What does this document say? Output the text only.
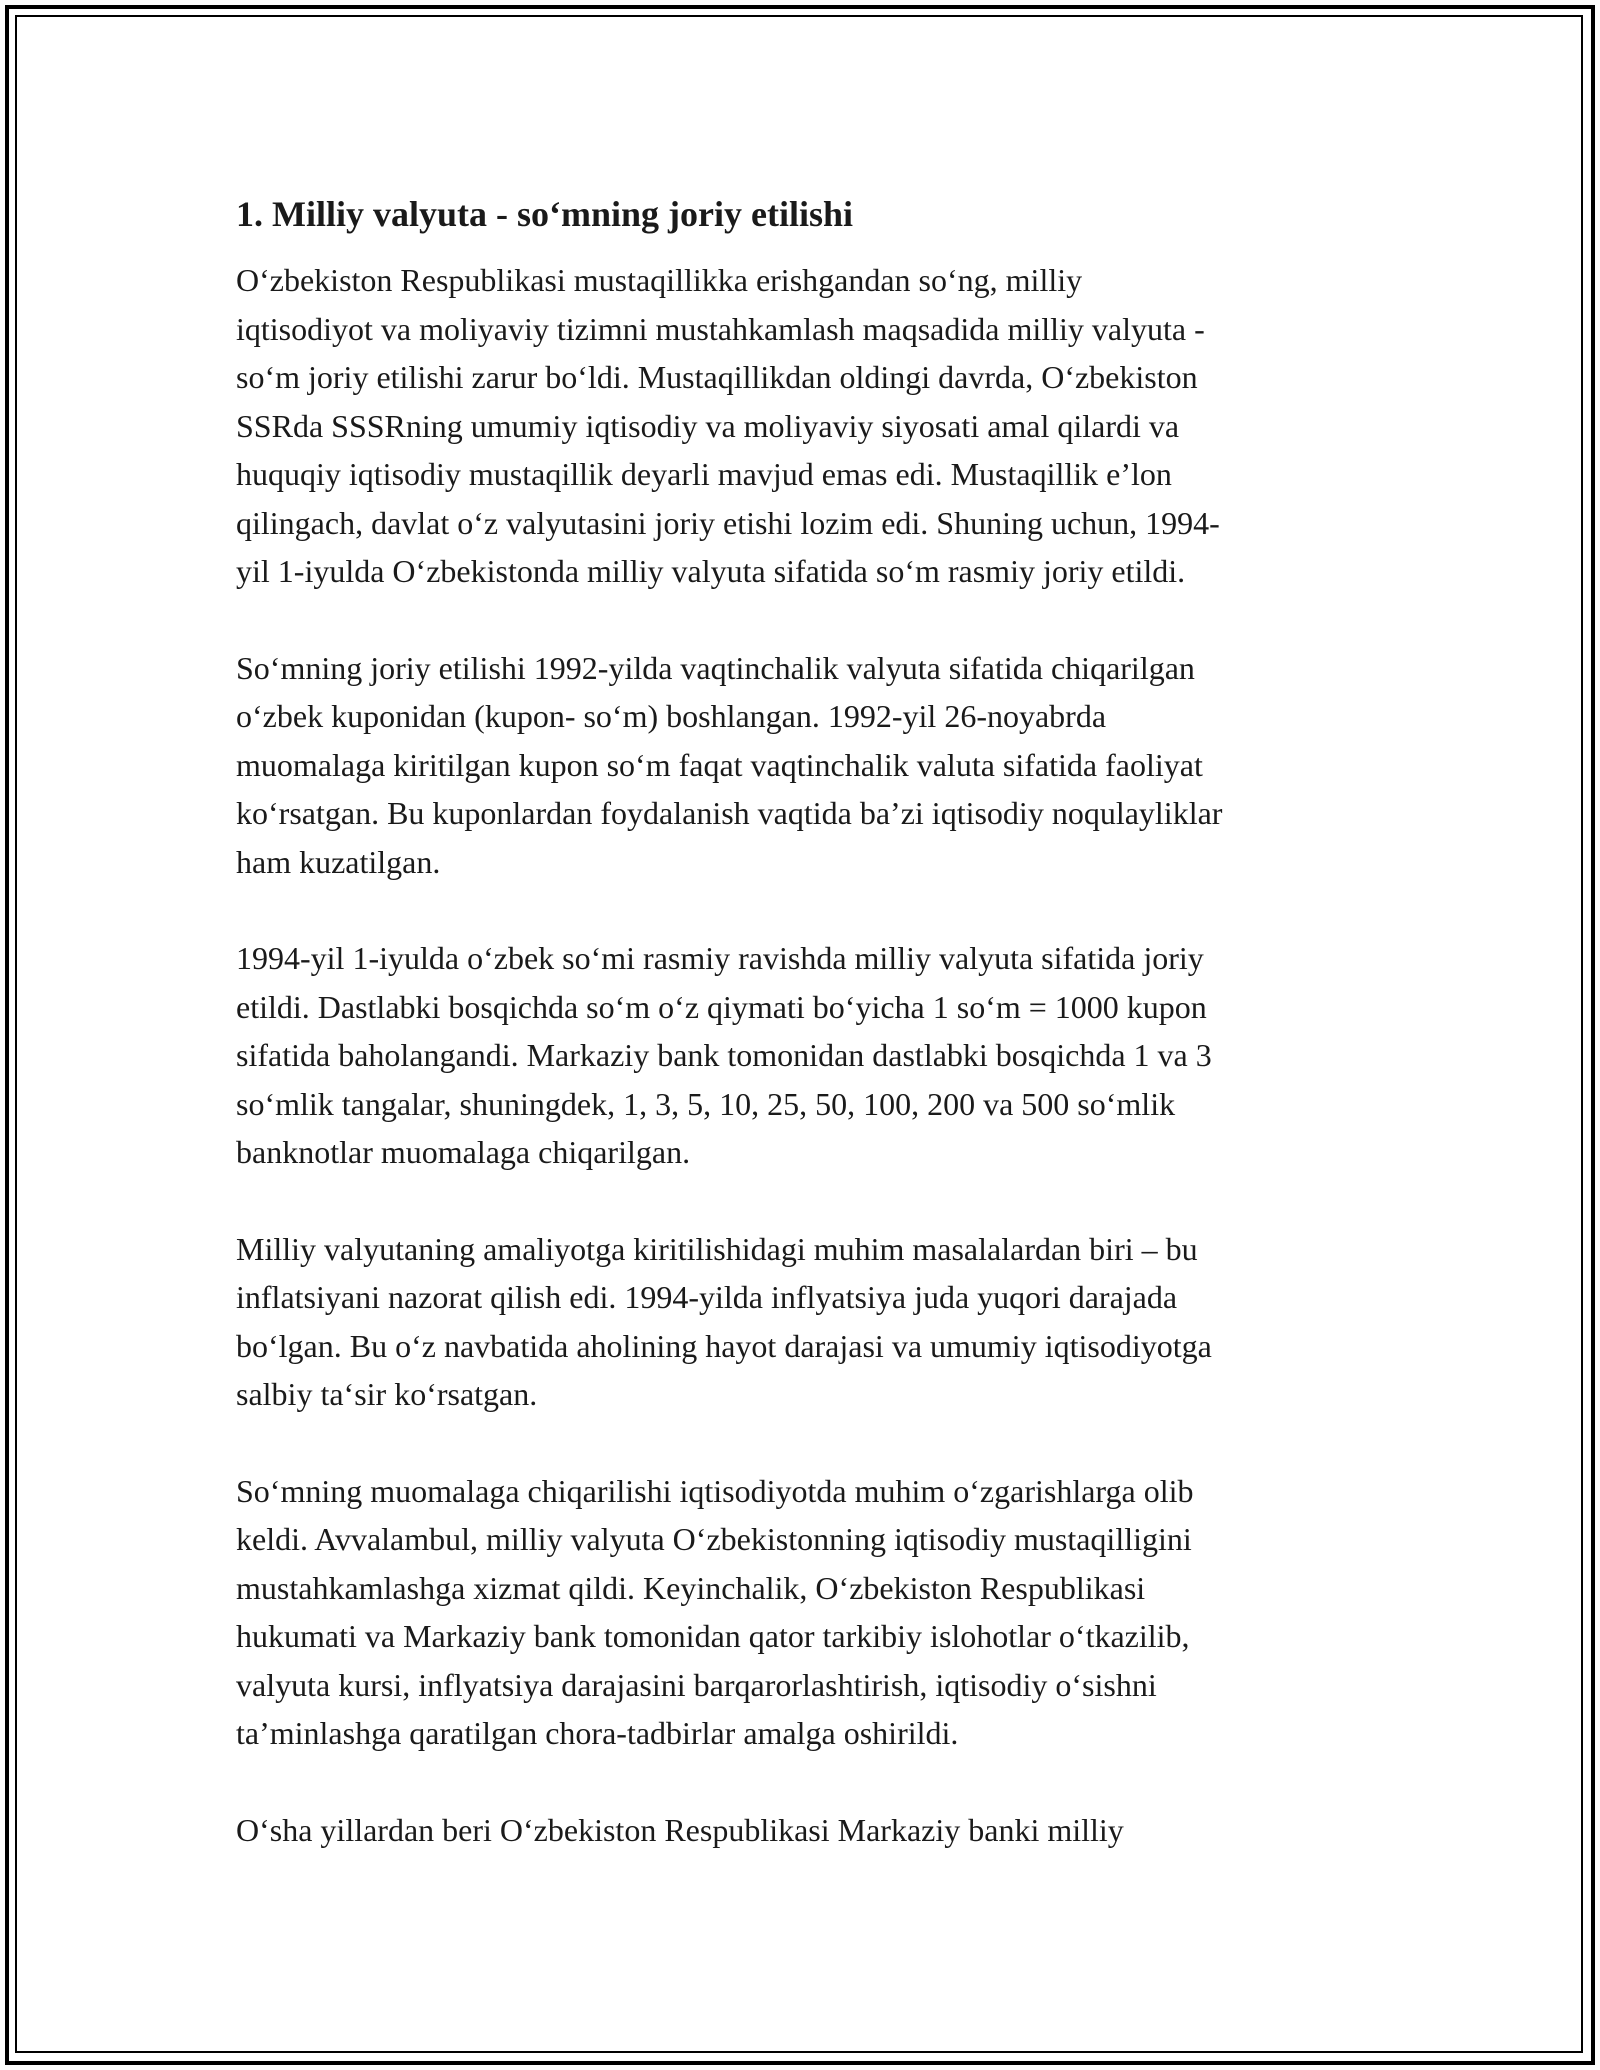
1. Milliy valyuta - so‘mning joriy etilishi

O‘zbekiston Respublikasi mustaqillikka erishgandan so‘ng, milliy
iqtisodiyot va moliyaviy tizimni mustahkamlash maqsadida milliy valyuta -
so‘m joriy etilishi zarur bo‘ldi. Mustaqillikdan oldingi davrda, O‘zbekiston
SSRda SSSRning umumiy iqtisodiy va moliyaviy siyosati amal qilardi va
huquqiy iqtisodiy mustaqillik deyarli mavjud emas edi. Mustaqillik e’lon
qilingach, davlat o‘z valyutasini joriy etishi lozim edi. Shuning uchun, 1994-
yil 1-iyulda O‘zbekistonda milliy valyuta sifatida so‘m rasmiy joriy etildi.

So‘mning joriy etilishi 1992-yilda vaqtinchalik valyuta sifatida chiqarilgan
o‘zbek kuponidan (kupon- so‘m) boshlangan. 1992-yil 26-noyabrda
muomalaga kiritilgan kupon so‘m faqat vaqtinchalik valuta sifatida faoliyat
ko‘rsatgan. Bu kuponlardan foydalanish vaqtida ba’zi iqtisodiy noqulayliklar
ham kuzatilgan.

1994-yil 1-iyulda o‘zbek so‘mi rasmiy ravishda milliy valyuta sifatida joriy
etildi. Dastlabki bosqichda so‘m o‘z qiymati bo‘yicha 1 so‘m = 1000 kupon
sifatida baholangandi. Markaziy bank tomonidan dastlabki bosqichda 1 va 3
so‘mlik tangalar, shuningdek, 1, 3, 5, 10, 25, 50, 100, 200 va 500 so‘mlik
banknotlar muomalaga chiqarilgan.

Milliy valyutaning amaliyotga kiritilishidagi muhim masalalardan biri – bu
inflatsiyani nazorat qilish edi. 1994-yilda inflyatsiya juda yuqori darajada
bo‘lgan. Bu o‘z navbatida aholining hayot darajasi va umumiy iqtisodiyotga
salbiy ta‘sir ko‘rsatgan.

So‘mning muomalaga chiqarilishi iqtisodiyotda muhim o‘zgarishlarga olib
keldi. Avvalambul, milliy valyuta O‘zbekistonning iqtisodiy mustaqilligini
mustahkamlashga xizmat qildi. Keyinchalik, O‘zbekiston Respublikasi
hukumati va Markaziy bank tomonidan qator tarkibiy islohotlar o‘tkazilib,
valyuta kursi, inflyatsiya darajasini barqarorlashtirish, iqtisodiy o‘sishni
ta’minlashga qaratilgan chora-tadbirlar amalga oshirildi.

O‘sha yillardan beri O‘zbekiston Respublikasi Markaziy banki milliy
